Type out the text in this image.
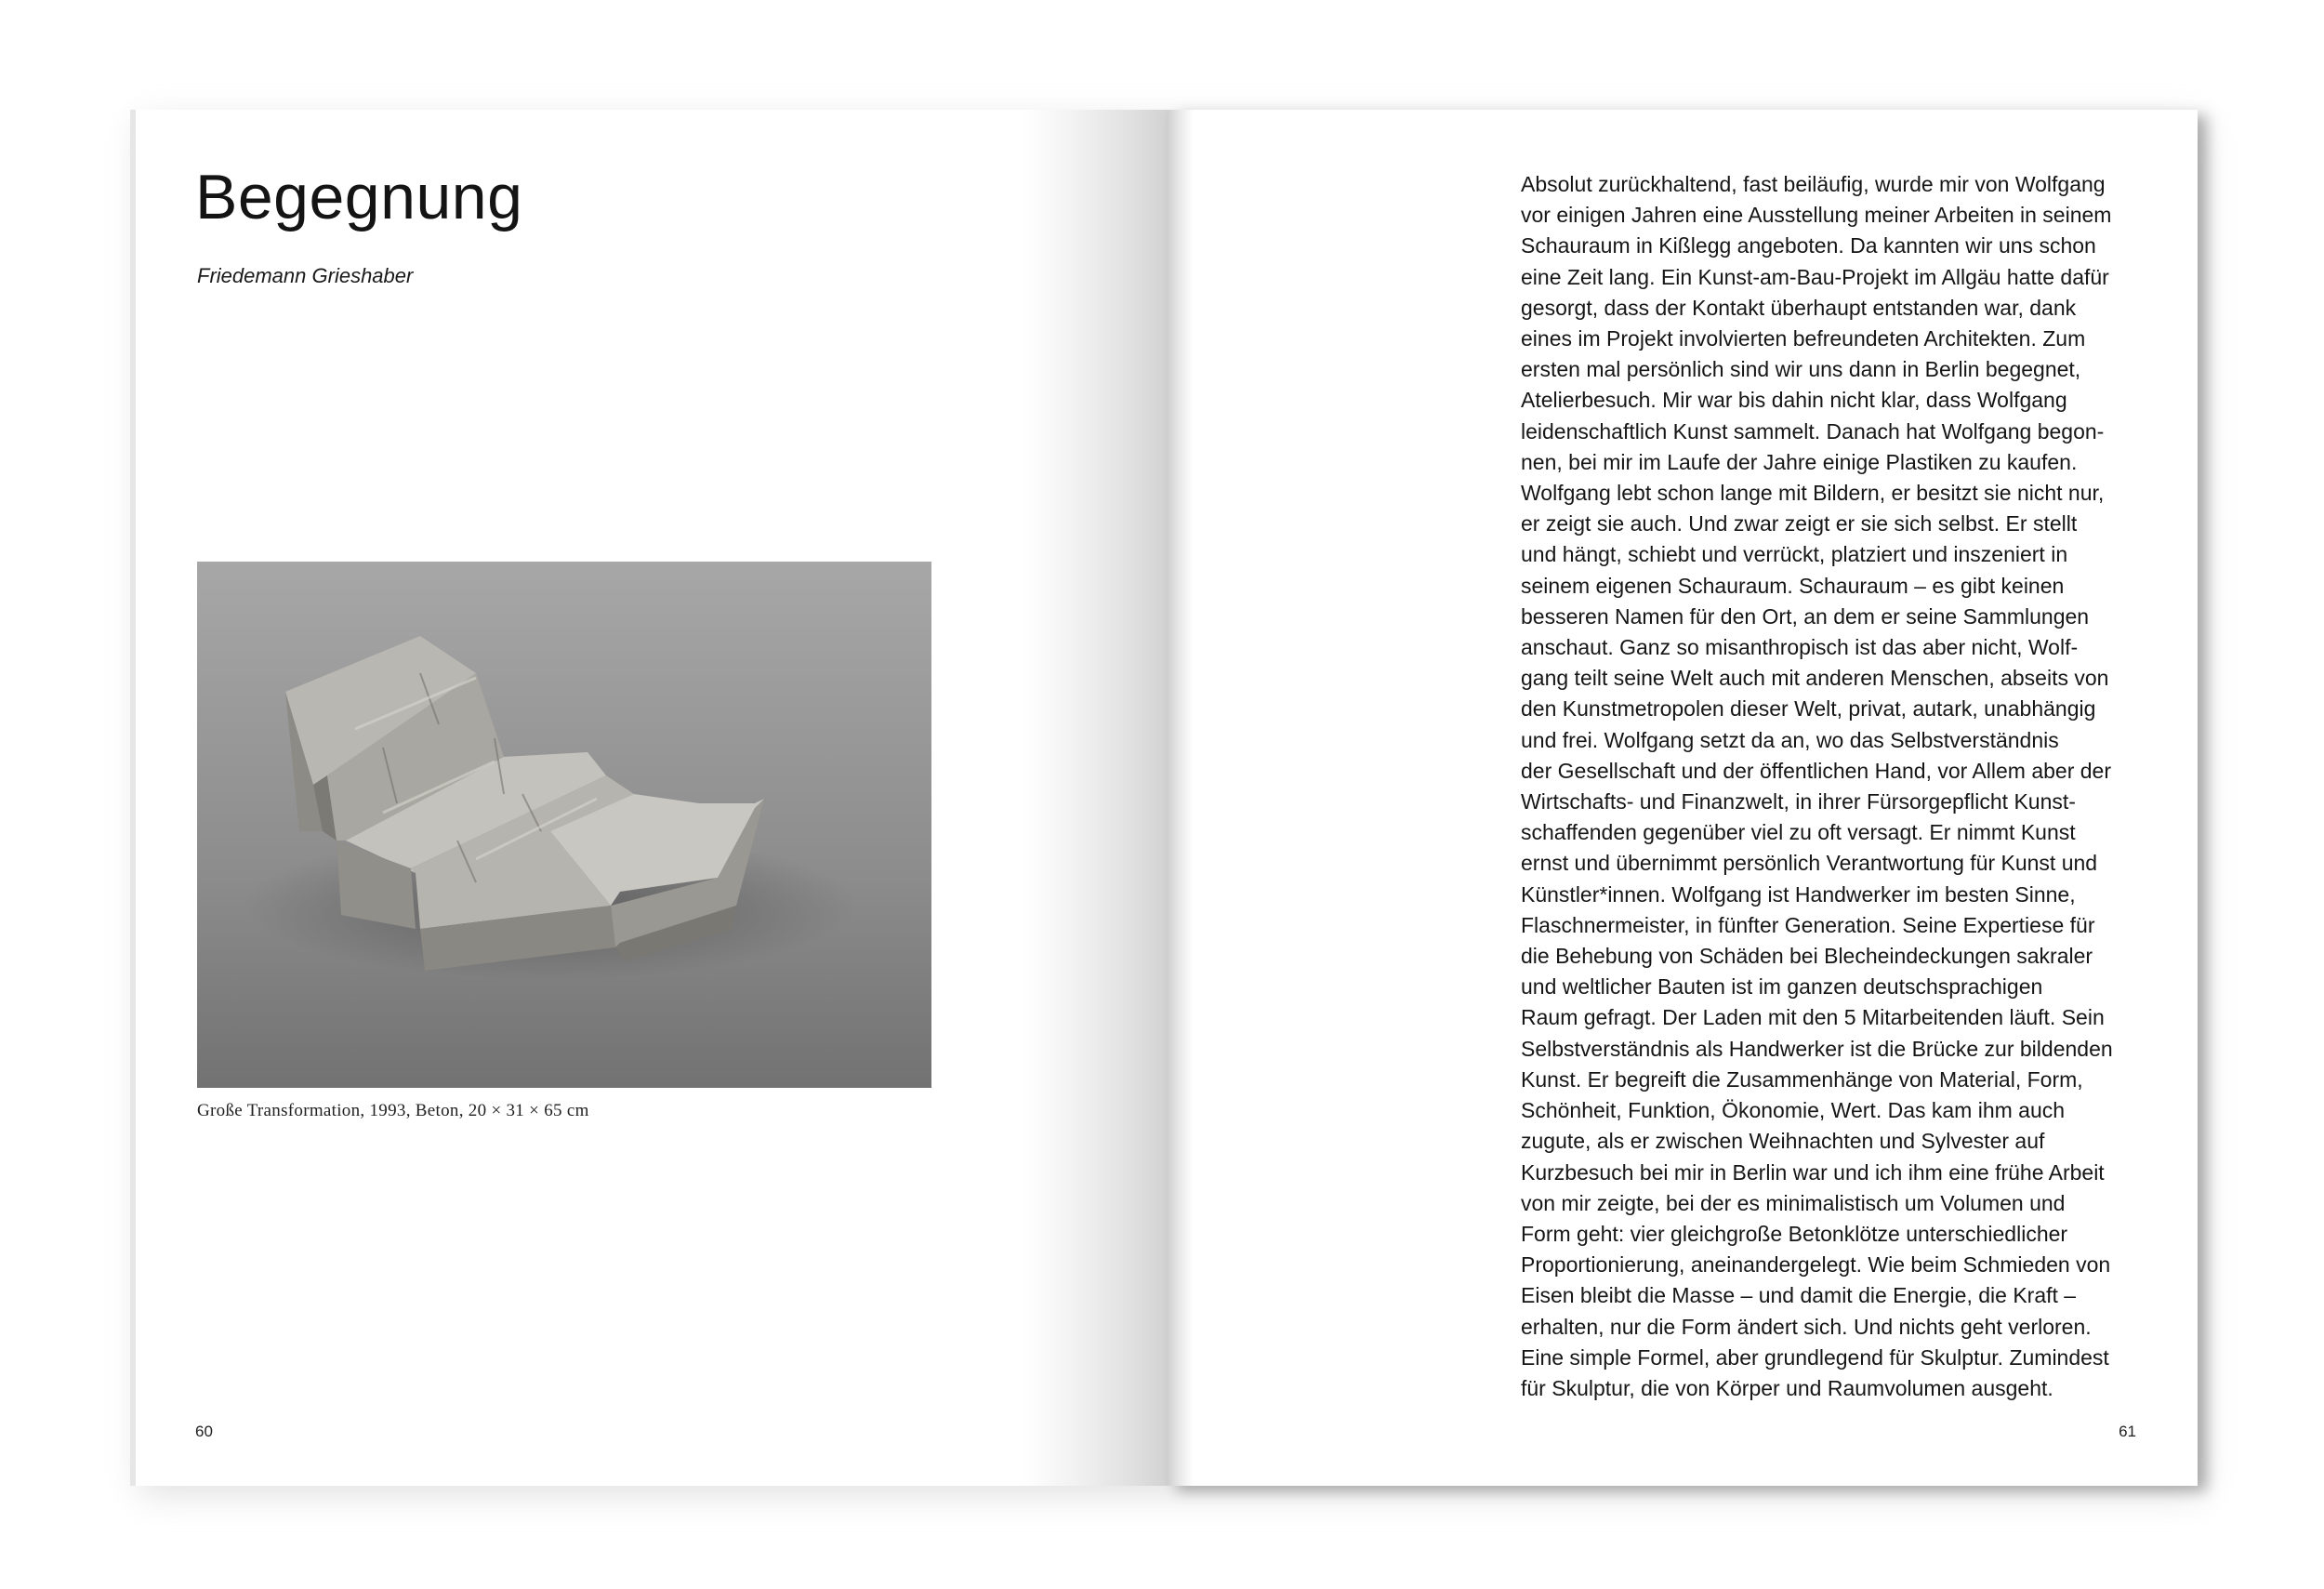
Begegnung
Friedemann Grieshaber
Große Transformation, 1993, Beton, 20 × 31 × 65 cm
60
Absolut zurückhaltend, fast beiläufig, wurde mir von Wolfgang
vor einigen Jahren eine Ausstellung meiner Arbeiten in seinem
Schauraum in Kißlegg angeboten. Da kannten wir uns schon
eine Zeit lang. Ein Kunst-am-Bau-Projekt im Allgäu hatte dafür
gesorgt, dass der Kontakt überhaupt entstanden war, dank
eines im Projekt involvierten befreundeten Architekten. Zum
ersten mal persönlich sind wir uns dann in Berlin begegnet,
Atelierbesuch. Mir war bis dahin nicht klar, dass Wolfgang
leidenschaftlich Kunst sammelt. Danach hat Wolfgang begon-
nen, bei mir im Laufe der Jahre einige Plastiken zu kaufen.
Wolfgang lebt schon lange mit Bildern, er besitzt sie nicht nur,
er zeigt sie auch. Und zwar zeigt er sie sich selbst. Er stellt
und hängt, schiebt und verrückt, platziert und inszeniert in
seinem eigenen Schauraum. Schauraum – es gibt keinen
besseren Namen für den Ort, an dem er seine Sammlungen
anschaut. Ganz so misanthropisch ist das aber nicht, Wolf-
gang teilt seine Welt auch mit anderen Menschen, abseits von
den Kunstmetropolen dieser Welt, privat, autark, unabhängig
und frei. Wolfgang setzt da an, wo das Selbstverständnis
der Gesellschaft und der öffentlichen Hand, vor Allem aber der
Wirtschafts- und Finanzwelt, in ihrer Fürsorgepflicht Kunst-
schaffenden gegenüber viel zu oft versagt. Er nimmt Kunst
ernst und übernimmt persönlich Verantwortung für Kunst und
Künstler*innen. Wolfgang ist Handwerker im besten Sinne,
Flaschnermeister, in fünfter Generation. Seine Expertiese für
die Behebung von Schäden bei Blecheindeckungen sakraler
und weltlicher Bauten ist im ganzen deutschsprachigen
Raum gefragt. Der Laden mit den 5 Mitarbeitenden läuft. Sein
Selbstverständnis als Handwerker ist die Brücke zur bildenden
Kunst. Er begreift die Zusammenhänge von Material, Form,
Schönheit, Funktion, Ökonomie, Wert. Das kam ihm auch
zugute, als er zwischen Weihnachten und Sylvester auf
Kurzbesuch bei mir in Berlin war und ich ihm eine frühe Arbeit
von mir zeigte, bei der es minimalistisch um Volumen und
Form geht: vier gleichgroße Betonklötze unterschiedlicher
Proportionierung, aneinandergelegt. Wie beim Schmieden von
Eisen bleibt die Masse – und damit die Energie, die Kraft –
erhalten, nur die Form ändert sich. Und nichts geht verloren.
Eine simple Formel, aber grundlegend für Skulptur. Zumindest
für Skulptur, die von Körper und Raumvolumen ausgeht.
61
